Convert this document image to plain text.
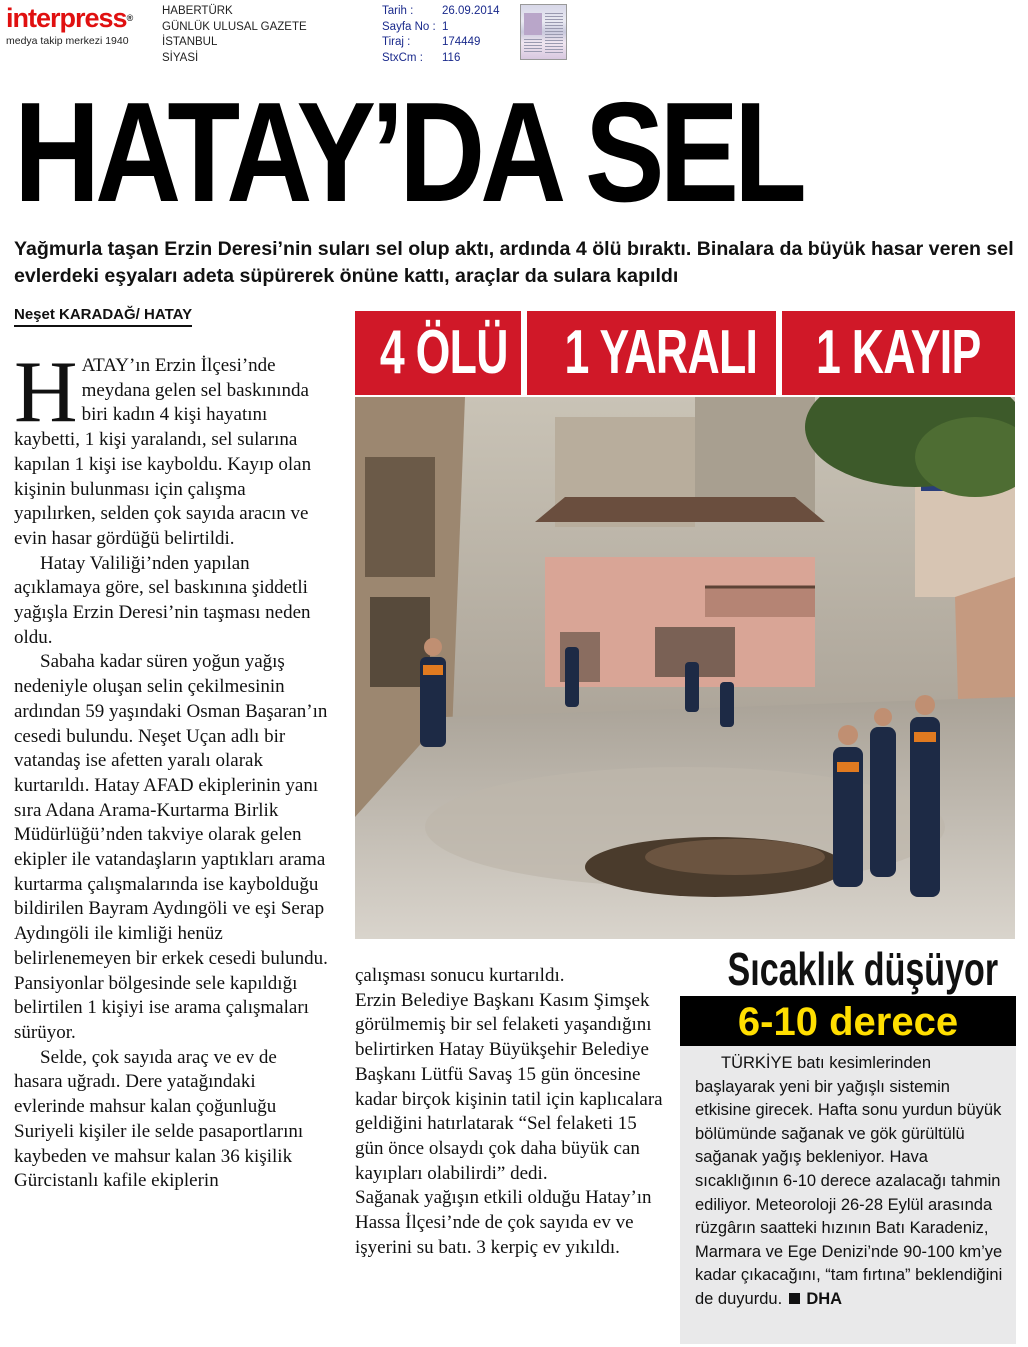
interpress®
medya takip merkezi 1940
HABERTÜRK
GÜNLÜK ULUSAL GAZETE
İSTANBUL
SİYASİ
Tarih :	26.09.2014
Sayfa No : 1
Tiraj :	174449
StxCm :	116
HATAY’DA SEL
Yağmurla taşan Erzin Deresi’nin suları sel olup aktı, ardında 4 ölü bıraktı. Binalara da büyük hasar veren sel evlerdeki eşyaları adeta süpürerek önüne kattı, araçlar da sulara kapıldı
Neşet KARADAĞ/ HATAY

HATAY’ın Erzin İlçesi’nde meydana gelen sel baskınında biri kadın 4 kişi hayatını kaybetti, 1 kişi yaralandı, sel sularına kapılan 1 kişi ise kayboldu. Kayıp olan kişinin bulunması için çalışma yapılırken, selden çok sayıda aracın ve evin hasar gördüğü belirtildi.

Hatay Valiliği’nden yapılan açıklamaya göre, sel baskınına şiddetli yağışla Erzin Deresi’nin taşması neden oldu.

Sabaha kadar süren yoğun yağış nedeniyle oluşan selin çekilmesinin ardından 59 yaşındaki Osman Başaran’ın cesedi bulundu. Neşet Uçan adlı bir vatandaş ise afetten yaralı olarak kurtarıldı. Hatay AFAD ekiplerinin yanı sıra Adana Arama-Kurtarma Birlik Müdürlüğü’nden takviye olarak gelen ekipler ile vatandaşların yaptıkları arama kurtarma çalışmalarında ise kaybolduğu bildirilen Bayram Aydıngöli ve eşi Serap Aydıngöli ile kimliği henüz belirlenemeyen bir erkek cesedi bulundu. Pansiyonlar bölgesinde sele kapıldığı belirtilen 1 kişiyi ise arama çalışmaları sürüyor.

Selde, çok sayıda araç ve ev de hasara uğradı. Dere yatağındaki evlerinde mahsur kalan çoğunluğu Suriyeli kişiler ile selde pasaportlarını kaybeden ve mahsur kalan 36 kişilik Gürcistanlı kafile ekiplerin

4 ÖLÜ 1 YARALI 1 KAYIP

çalışması sonucu kurtarıldı.

Erzin Belediye Başkanı Kasım Şimşek görülmemiş bir sel felaketi yaşandığını belirtirken Hatay Büyükşehir Belediye Başkanı Lütfü Savaş 15 gün öncesine kadar birçok kişinin tatil için kaplıcalara geldiğini hatırlatarak “Sel felaketi 15 gün önce olsaydı çok daha büyük can kayıpları olabilirdi” dedi.

Sağanak yağışın etkili olduğu Hatay’ın Hassa İlçesi’nde de çok sayıda ev ve işyerini su batı. 3 kerpiç ev yıkıldı.

Sıcaklık düşüyor
6-10 derece
TÜRKİYE batı kesimlerinden başlayarak yeni bir yağışlı sistemin etkisine girecek. Hafta sonu yurdun büyük bölümünde sağanak ve gök gürültülü sağanak yağış bekleniyor. Hava sıcaklığının 6-10 derece azalacağı tahmin ediliyor. Meteoroloji 26-28 Eylül arasında rüzgârın saatteki hızının Batı Karadeniz, Marmara ve Ege Denizi’nde 90-100 km’ye kadar çıkacağını, “tam fırtına” beklendiğini de duyurdu. DHA
